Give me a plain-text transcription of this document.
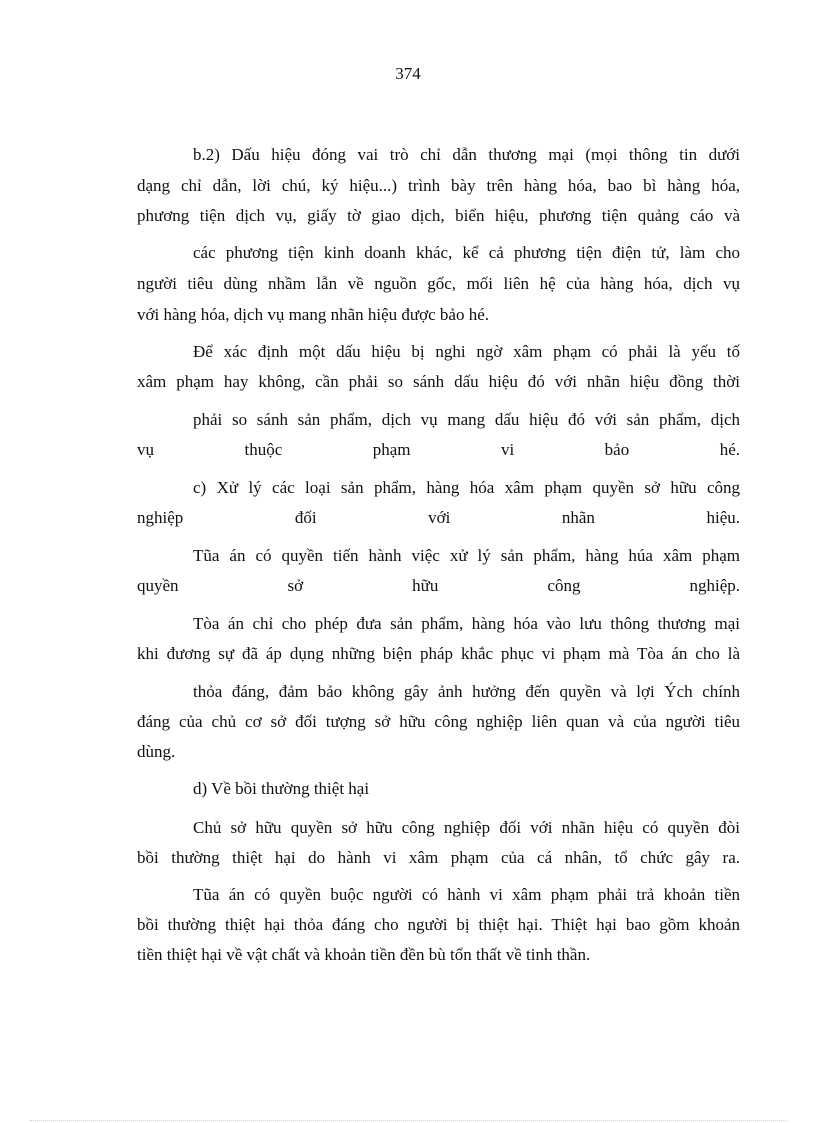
374
b.2) Dấu hiệu đóng vai trò chỉ dẫn thương mại (mọi thông tin dưới
dạng chỉ dẫn, lời chú, ký hiệu...) trình bày trên hàng hóa, bao bì hàng hóa,
phương tiện dịch vụ, giấy tờ giao dịch, biển hiệu, phương tiện quảng cáo và
các phương tiện kinh doanh khác, kể cả phương tiện điện tử, làm cho
người tiêu dùng nhầm lẫn về nguồn gốc, mối liên hệ của hàng hóa, dịch vụ
với hàng hóa, dịch vụ mang nhãn hiệu được bảo hé.
Để xác định một dấu hiệu bị nghi ngờ xâm phạm có phải là yếu tố
xâm phạm hay không, cần phải so sánh dấu hiệu đó với nhãn hiệu đồng thời
phải so sánh sản phẩm, dịch vụ mang dấu hiệu đó với sản phẩm, dịch
vụ thuộc phạm vi bảo hé.
c) Xử lý các loại sản phẩm, hàng hóa xâm phạm quyền sở hữu công
nghiệp đối với nhãn hiệu.
Tũa án có quyền tiến hành việc xử lý sản phẩm, hàng húa xâm phạm
quyền sở hữu công nghiệp.
Tòa án chỉ cho phép đưa sản phẩm, hàng hóa vào lưu thông thương mại
khi đương sự đã áp dụng những biện pháp khắc phục vi phạm mà Tòa án cho là
thỏa đáng, đảm bảo không gây ảnh hưởng đến quyền và lợi Ých chính
đáng của chủ cơ sở đối tượng sở hữu công nghiệp liên quan và của người tiêu
dùng.
d) Về bồi thường thiệt hại
Chủ sở hữu quyền sở hữu công nghiệp đối với nhãn hiệu có quyền đòi
bồi thường thiệt hại do hành vi xâm phạm của cá nhân, tổ chức gây ra.
Tũa án có quyền buộc người có hành vi xâm phạm phải trả khoản tiền
bồi thường thiệt hại thỏa đáng cho người bị thiệt hại. Thiệt hại bao gồm khoản
tiền thiệt hại về vật chất và khoản tiền đền bù tổn thất về tinh thần.
